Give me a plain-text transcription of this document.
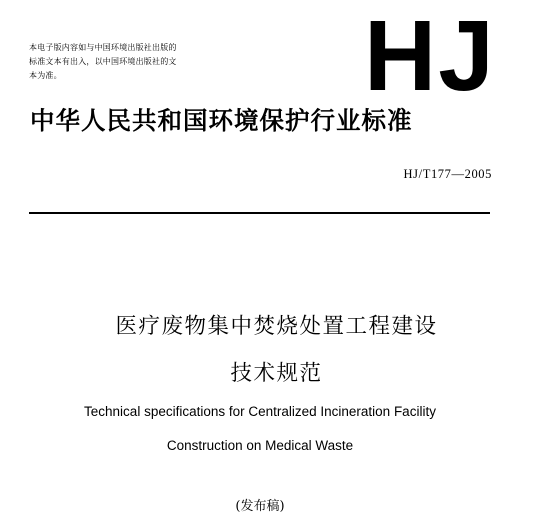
本电子版内容如与中国环境出版社出版的
标准文本有出入，以中国环境出版社的文
本为准。	HJ
中华人民共和国环境保护行业标准
HJ/T177—2005
医疗废物集中焚烧处置工程建设
技术规范
Technical specifications for Centralized Incineration Facility
Construction on Medical Waste
(发布稿)
